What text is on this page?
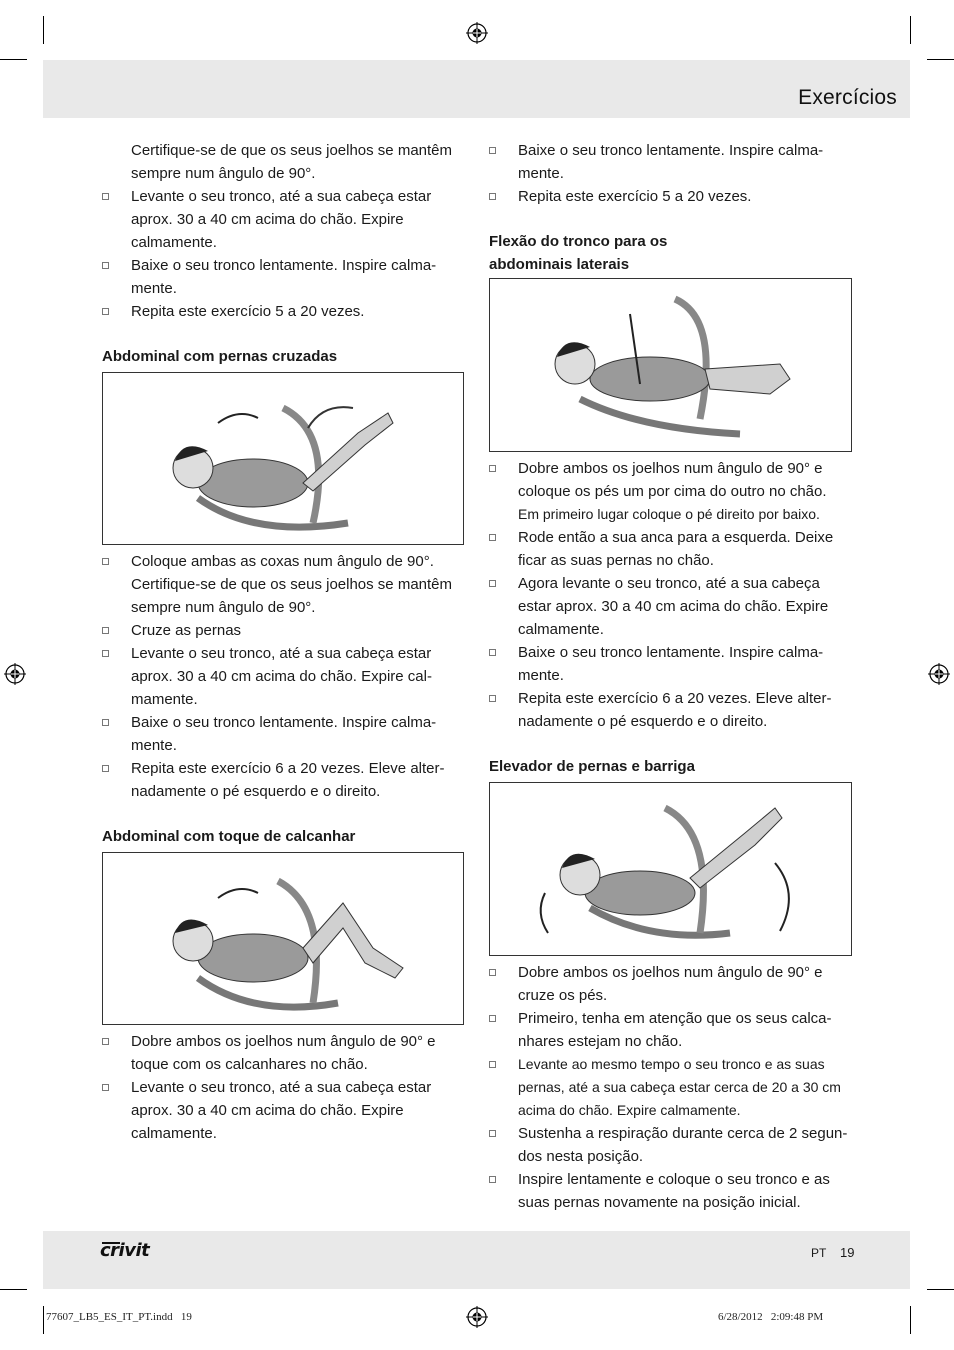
Exercícios

Certifique-se de que os seus joelhos se mantêm sempre num ângulo de 90°.

Levante o seu tronco, até a sua cabeça estar aprox. 30 a 40 cm acima do chão. Expire calmamente.
Baixe o seu tronco lentamente. Inspire calma- mente.
Repita este exercício 5 a 20 vezes.

Abdominal com pernas cruzadas

Coloque ambas as coxas num ângulo de 90°. Certifique-se de que os seus joelhos se mantêm sempre num ângulo de 90°.
Cruze as pernas
Levante o seu tronco, até a sua cabeça estar aprox. 30 a 40 cm acima do chão. Expire cal- mamente.
Baixe o seu tronco lentamente. Inspire calma- mente.
Repita este exercício 6 a 20 vezes. Eleve alter- nadamente o pé esquerdo e o direito.

Abdominal com toque de calcanhar

Dobre ambos os joelhos num ângulo de 90° e toque com os calcanhares no chão.
Levante o seu tronco, até a sua cabeça estar aprox. 30 a 40 cm acima do chão. Expire calmamente.
Baixe o seu tronco lentamente. Inspire calma- mente.
Repita este exercício 5 a 20 vezes.

Flexão do tronco para os abdominais laterais

Dobre ambos os joelhos num ângulo de 90° e coloque os pés um por cima do outro no chão.
Em primeiro lugar coloque o pé direito por baixo.
Rode então a sua anca para a esquerda. Deixe ficar as suas pernas no chão.
Agora levante o seu tronco, até a sua cabeça estar aprox. 30 a 40 cm acima do chão. Expire calmamente.
Baixe o seu tronco lentamente. Inspire calma- mente.
Repita este exercício 6 a 20 vezes. Eleve alter- nadamente o pé esquerdo e o direito.

Elevador de pernas e barriga

Dobre ambos os joelhos num ângulo de 90° e cruze os pés.
Primeiro, tenha em atenção que os seus calca- nhares estejam no chão.
Levante ao mesmo tempo o seu tronco e as suas pernas, até a sua cabeça estar cerca de 20 a 30 cm acima do chão. Expire calmamente.
Sustenha a respiração durante cerca de 2 segun- dos nesta posição.
Inspire lentamente e coloque o seu tronco e as suas pernas novamente na posição inicial.
crivit	PT 19
77607_LB5_ES_IT_PT.indd   19	6/28/2012   2:09:48 PM
